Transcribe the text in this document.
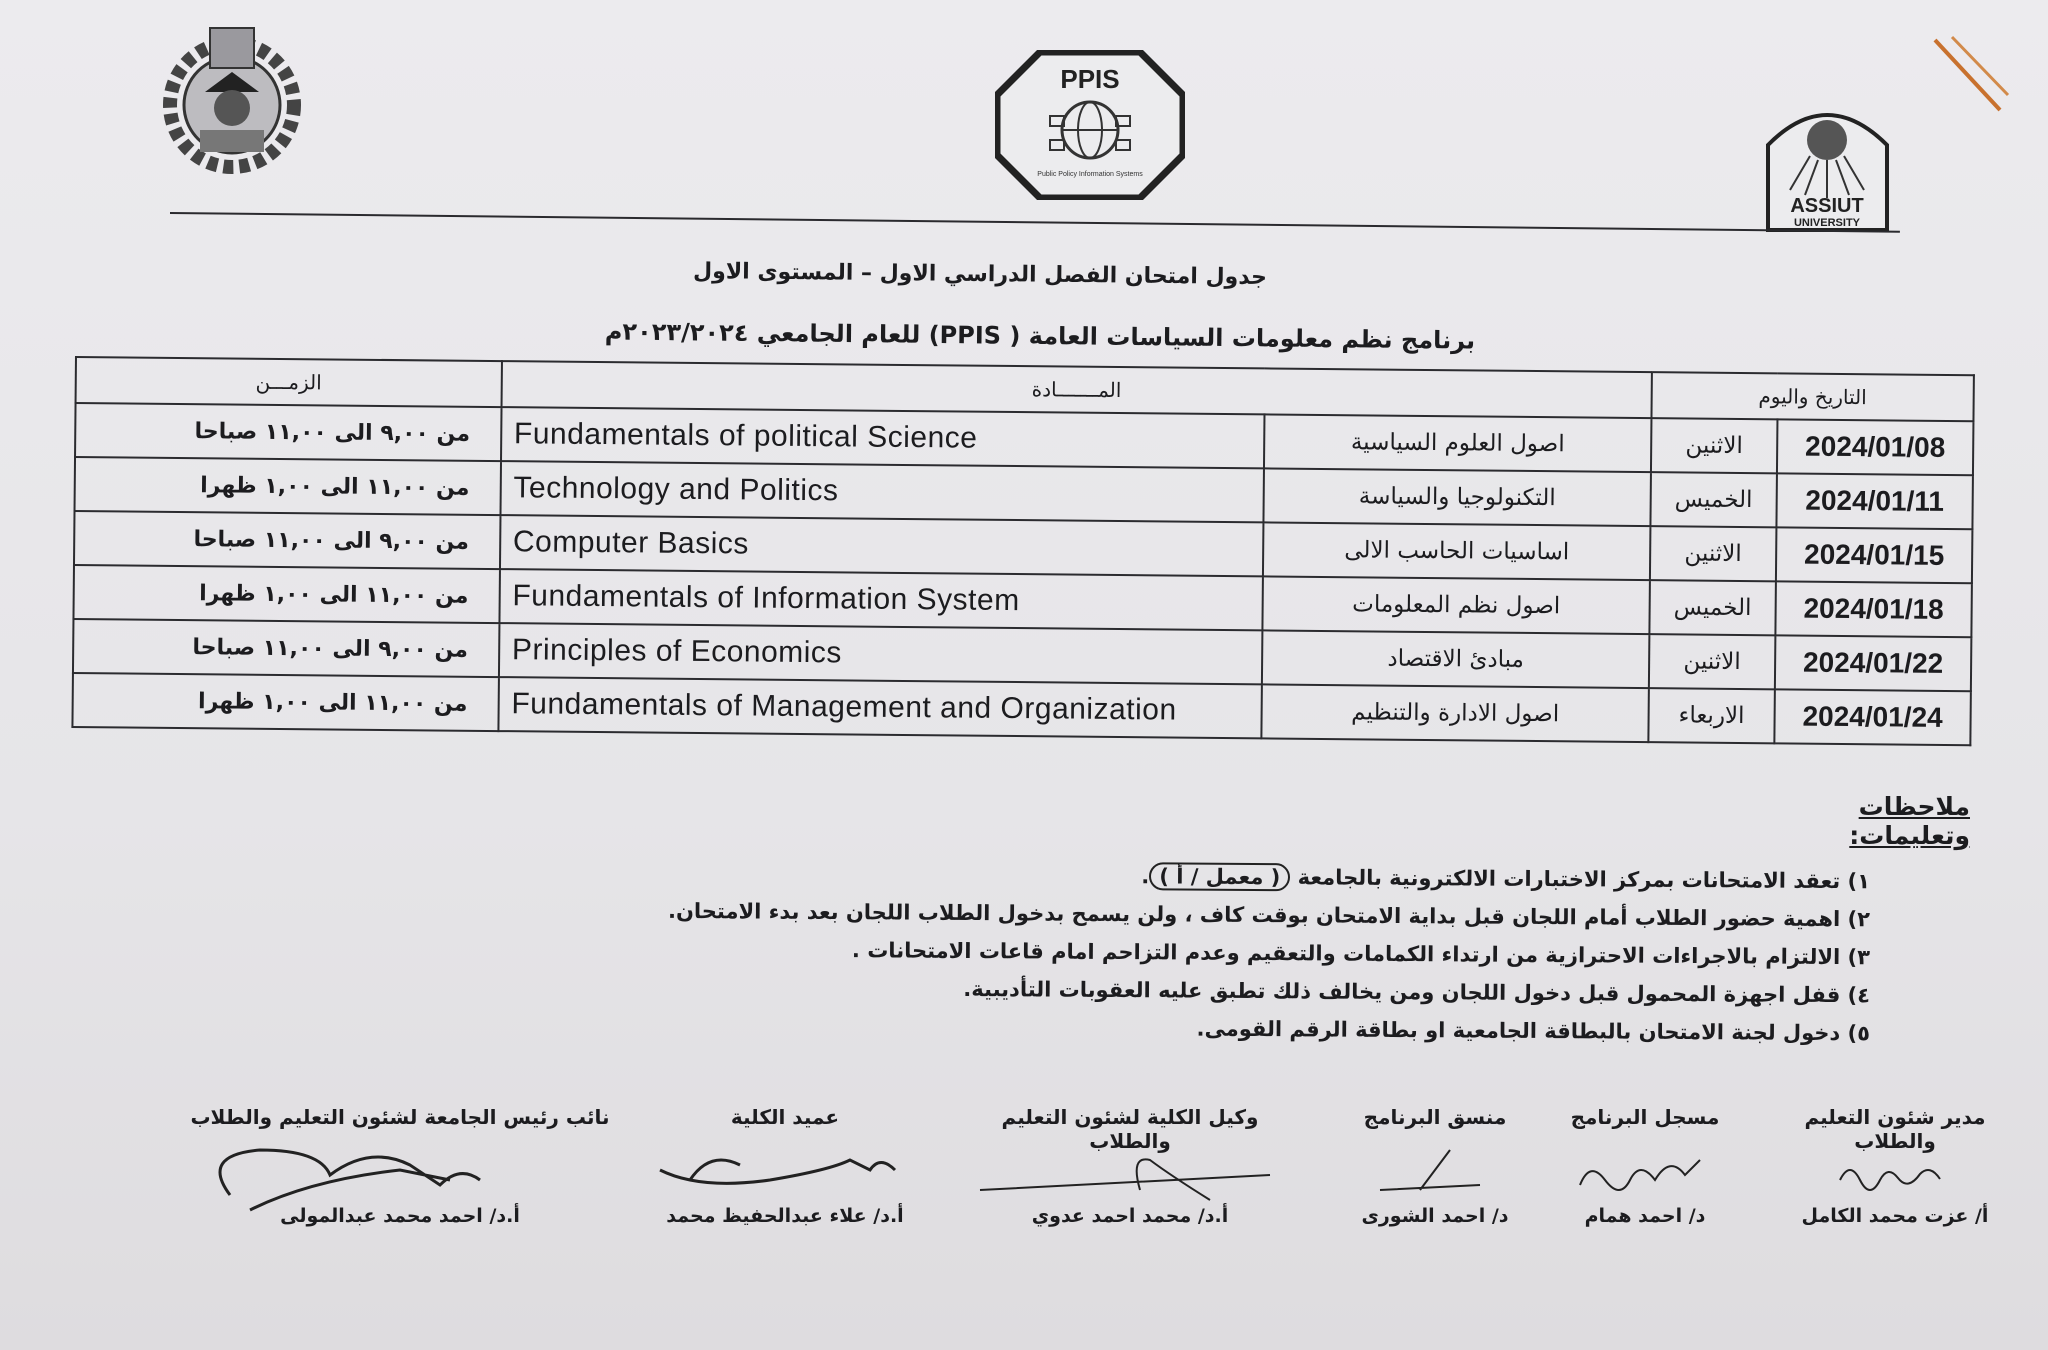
PPIS
Public Policy Information Systems
ASSIUT
UNIVERSITY
جدول امتحان الفصل الدراسي الاول – المستوى الاول
برنامج نظم معلومات السياسات العامة ( PPIS) للعام الجامعي ٢٠٢٣/٢٠٢٤م
الزمـــن	المـــــــادة		التاريخ واليوم	
من ٩,٠٠ الى ١١,٠٠ صباحا	Fundamentals of political Science	اصول العلوم السياسية	الاثنين	2024/01/08
من ١١,٠٠ الى ١,٠٠ ظهرا	Technology and Politics	التكنولوجيا والسياسة	الخميس	2024/01/11
من ٩,٠٠ الى ١١,٠٠ صباحا	Computer Basics	اساسيات الحاسب الالى	الاثنين	2024/01/15
من ١١,٠٠ الى ١,٠٠ ظهرا	Fundamentals of Information System	اصول نظم المعلومات	الخميس	2024/01/18
من ٩,٠٠ الى ١١,٠٠ صباحا	Principles of Economics	مبادئ الاقتصاد	الاثنين	2024/01/22
من ١١,٠٠ الى ١,٠٠ ظهرا	Fundamentals of Management and Organization	اصول الادارة والتنظيم	الاربعاء	2024/01/24
ملاحظات وتعليمات:
١) تعقد الامتحانات بمركز الاختبارات الالكترونية بالجامعة ( معمل / أ ).
٢) اهمية حضور الطلاب أمام اللجان قبل بداية الامتحان بوقت كاف ، ولن يسمح بدخول الطلاب اللجان بعد بدء الامتحان.
٣) الالتزام بالاجراءات الاحترازية من ارتداء الكمامات والتعقيم وعدم التزاحم امام قاعات الامتحانات .
٤) قفل اجهزة المحمول قبل دخول اللجان ومن يخالف ذلك تطبق عليه العقوبات التأديبية.
٥) دخول لجنة الامتحان بالبطاقة الجامعية او بطاقة الرقم القومى.
مدير شئون التعليم والطلاب
أ/ عزت محمد الكامل
مسجل البرنامج
د/ احمد همام
منسق البرنامج
د/ احمد الشورى
وكيل الكلية لشئون التعليم والطلاب
أ.د/ محمد احمد عدوي
عميد الكلية
أ.د/ علاء عبدالحفيظ محمد
نائب رئيس الجامعة لشئون التعليم والطلاب
أ.د/ احمد محمد عبدالمولى
